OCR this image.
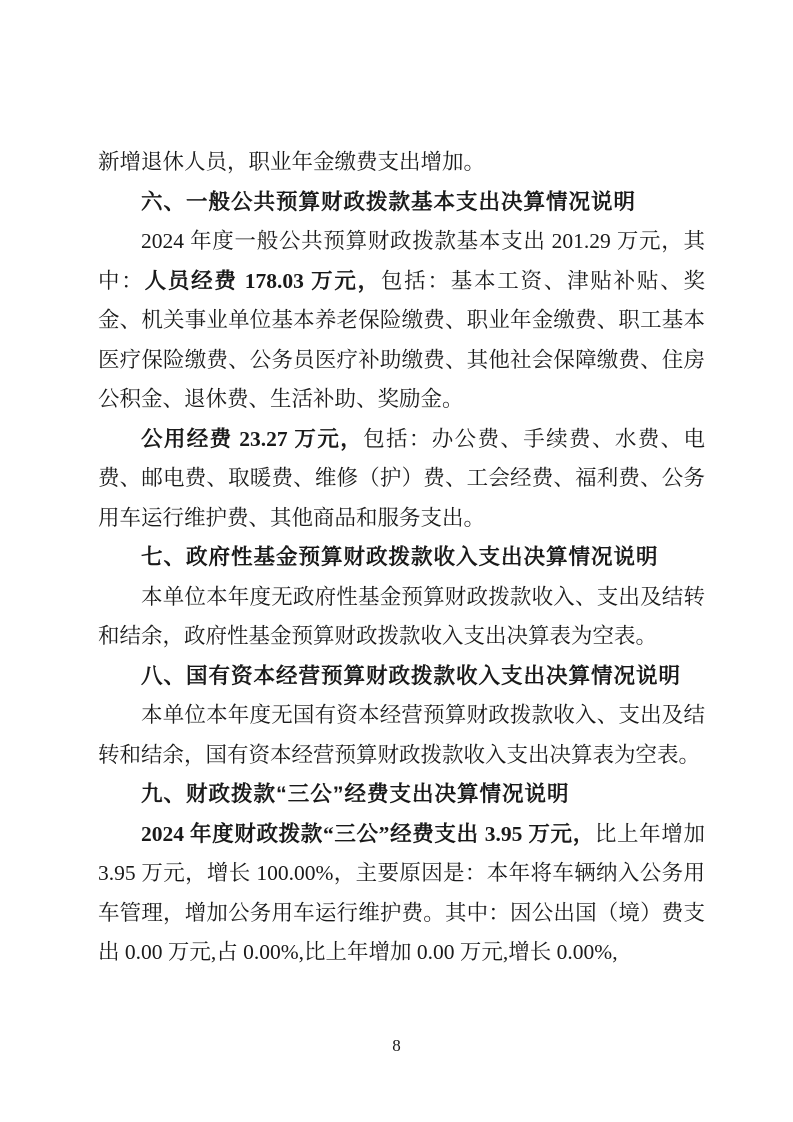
新增退休人员，职业年金缴费支出增加。

六、一般公共预算财政拨款基本支出决算情况说明

2024 年度一般公共预算财政拨款基本支出 201.29 万元，其中：人员经费 178.03 万元，包括：基本工资、津贴补贴、奖金、机关事业单位基本养老保险缴费、职业年金缴费、职工基本医疗保险缴费、公务员医疗补助缴费、其他社会保障缴费、住房公积金、退休费、生活补助、奖励金。

公用经费 23.27 万元，包括：办公费、手续费、水费、电费、邮电费、取暖费、维修（护）费、工会经费、福利费、公务用车运行维护费、其他商品和服务支出。

七、政府性基金预算财政拨款收入支出决算情况说明

本单位本年度无政府性基金预算财政拨款收入、支出及结转和结余，政府性基金预算财政拨款收入支出决算表为空表。

八、国有资本经营预算财政拨款收入支出决算情况说明

本单位本年度无国有资本经营预算财政拨款收入、支出及结转和结余，国有资本经营预算财政拨款收入支出决算表为空表。

九、财政拨款“三公”经费支出决算情况说明

2024 年度财政拨款“三公”经费支出 3.95 万元，比上年增加 3.95 万元，增长 100.00%，主要原因是：本年将车辆纳入公务用车管理，增加公务用车运行维护费。其中：因公出国（境）费支出 0.00 万元,占 0.00%,比上年增加 0.00 万元,增长 0.00%,

8
